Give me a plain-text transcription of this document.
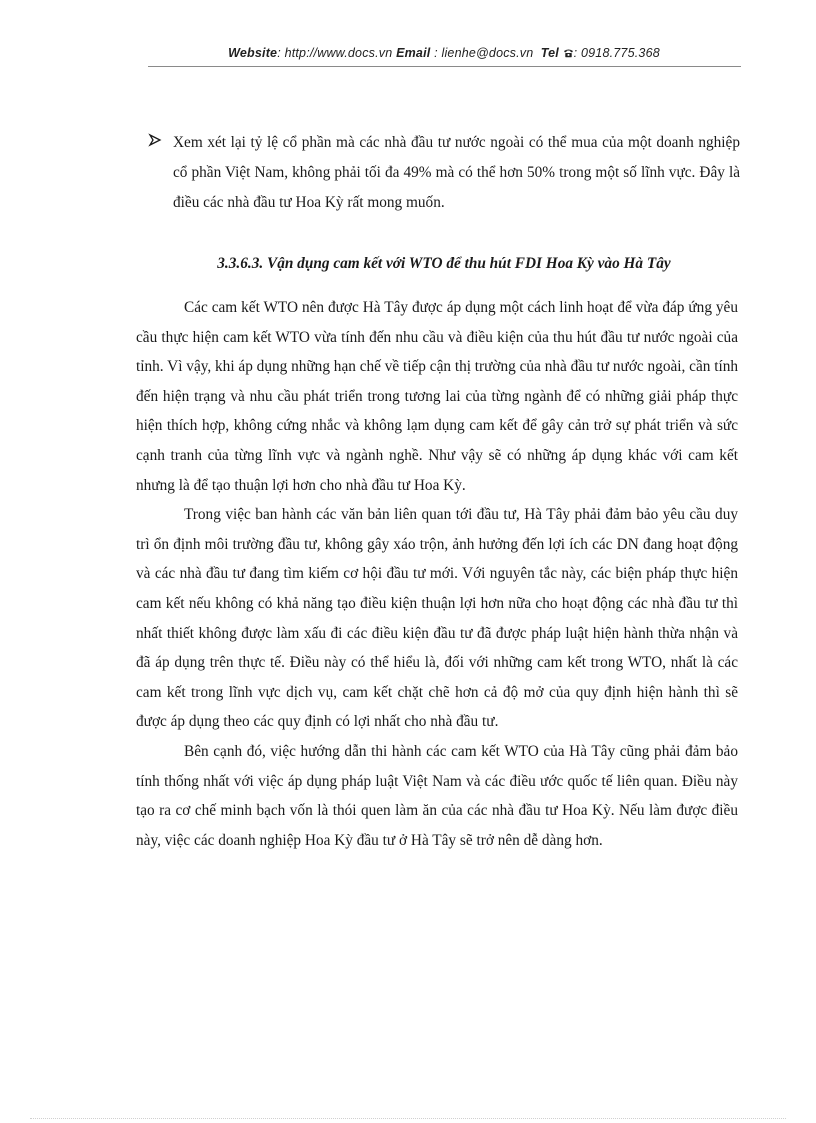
Website: http://www.docs.vn Email : lienhe@docs.vn Tel : 0918.775.368
Xem xét lại tỷ lệ cổ phần mà các nhà đầu tư nước ngoài có thể mua của một doanh nghiệp cổ phần Việt Nam, không phải tối đa 49% mà có thể hơn 50% trong một số lĩnh vực. Đây là điều các nhà đầu tư Hoa Kỳ rất mong muốn.
3.3.6.3. Vận dụng cam kết với WTO để thu hút FDI Hoa Kỳ vào Hà Tây

Các cam kết WTO nên được Hà Tây được áp dụng một cách linh hoạt để vừa đáp ứng yêu cầu thực hiện cam kết WTO vừa tính đến nhu cầu và điều kiện của thu hút đầu tư nước ngoài của tỉnh. Vì vậy, khi áp dụng những hạn chế về tiếp cận thị trường của nhà đầu tư nước ngoài, cần tính đến hiện trạng và nhu cầu phát triển trong tương lai của từng ngành để có những giải pháp thực hiện thích hợp, không cứng nhắc và không lạm dụng cam kết để gây cản trở sự phát triển và sức cạnh tranh của từng lĩnh vực và ngành nghề. Như vậy sẽ có những áp dụng khác với cam kết nhưng là để tạo thuận lợi hơn cho nhà đầu tư Hoa Kỳ.

Trong việc ban hành các văn bản liên quan tới đầu tư, Hà Tây phải đảm bảo yêu cầu duy trì ổn định môi trường đầu tư, không gây xáo trộn, ảnh hưởng đến lợi ích các DN đang hoạt động và các nhà đầu tư đang tìm kiếm cơ hội đầu tư mới. Với nguyên tắc này, các biện pháp thực hiện cam kết nếu không có khả năng tạo điều kiện thuận lợi hơn nữa cho hoạt động các nhà đầu tư thì nhất thiết không được làm xấu đi các điều kiện đầu tư đã được pháp luật hiện hành thừa nhận và đã áp dụng trên thực tế. Điều này có thể hiểu là, đối với những cam kết trong WTO, nhất là các cam kết trong lĩnh vực dịch vụ, cam kết chặt chẽ hơn cả độ mở của quy định hiện hành thì sẽ được áp dụng theo các quy định có lợi nhất cho nhà đầu tư.

Bên cạnh đó, việc hướng dẫn thi hành các cam kết WTO của Hà Tây cũng phải đảm bảo tính thống nhất với việc áp dụng pháp luật Việt Nam và các điều ước quốc tế liên quan. Điều này tạo ra cơ chế minh bạch vốn là thói quen làm ăn của các nhà đầu tư Hoa Kỳ. Nếu làm được điều này, việc các doanh nghiệp Hoa Kỳ đầu tư ở Hà Tây sẽ trở nên dễ dàng hơn.
